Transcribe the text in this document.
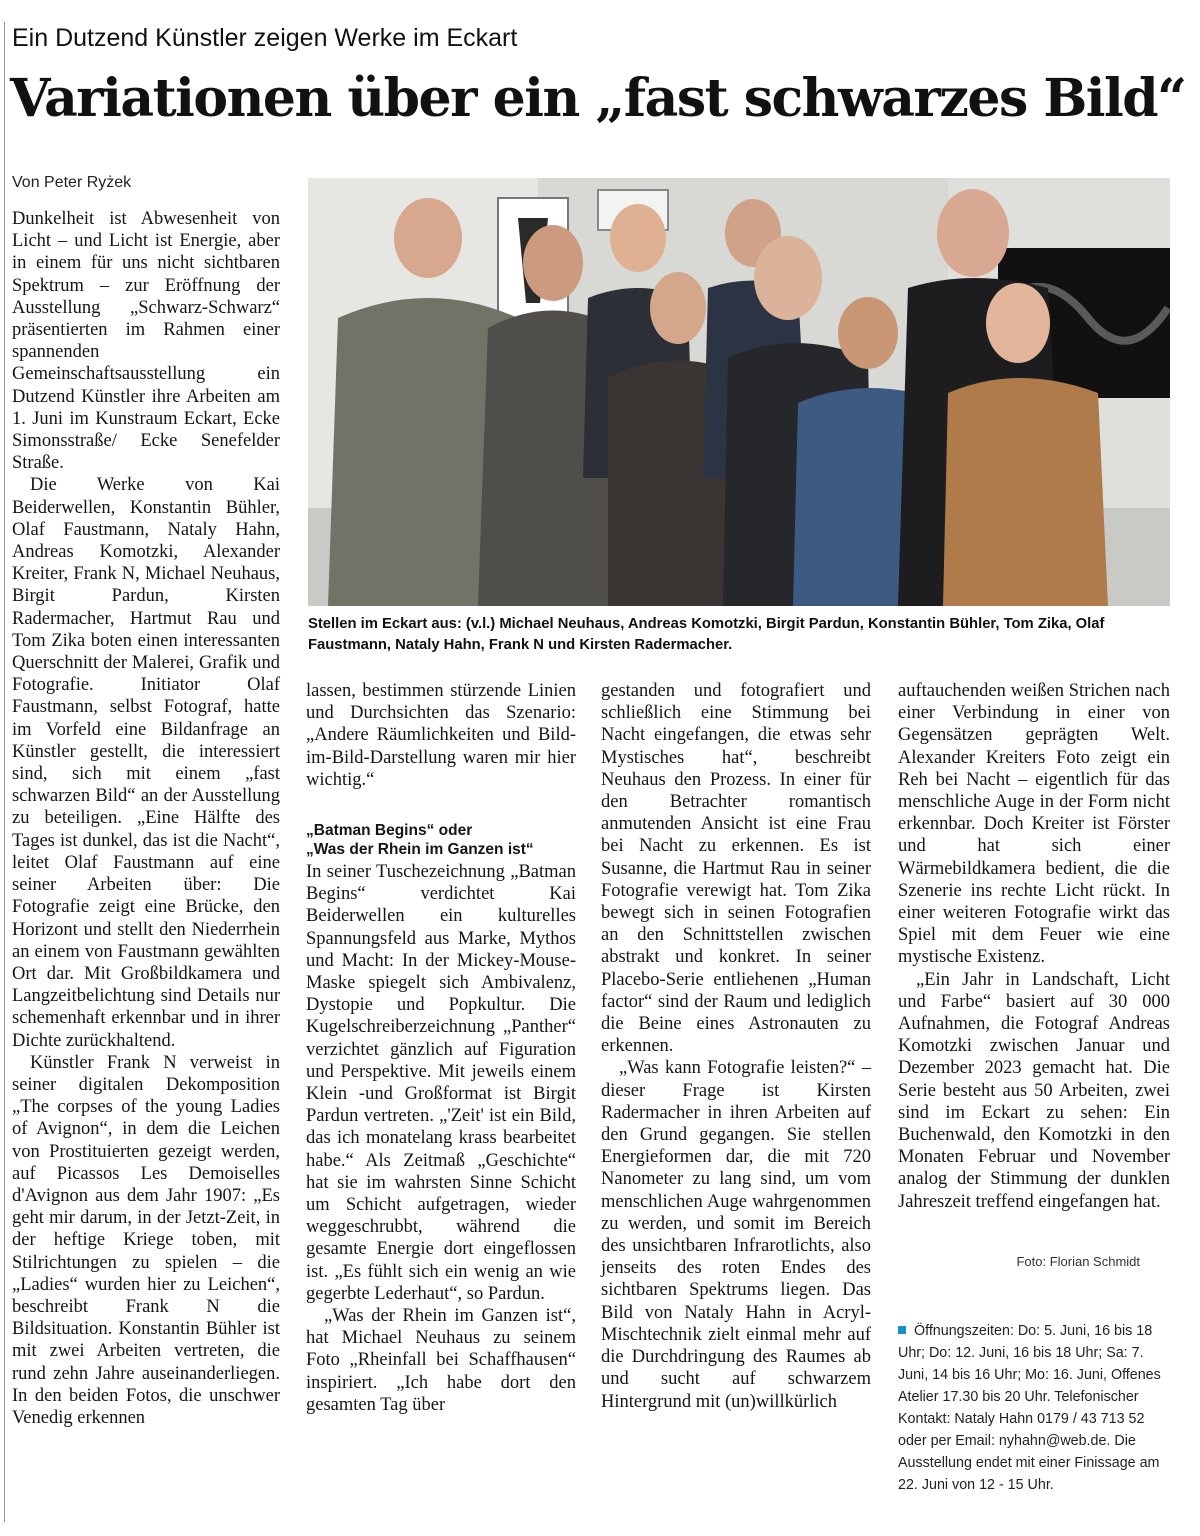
Ein Dutzend Künstler zeigen Werke im Eckart
Variationen über ein „fast schwarzes Bild“
Von Peter Ryżek

Dunkelheit ist Abwesenheit von Licht – und Licht ist Energie, aber in einem für uns nicht sichtbaren Spektrum – zur Eröffnung der Ausstellung „Schwarz-Schwarz“ präsentierten im Rahmen einer spannenden Gemeinschaftsausstellung ein Dutzend Künstler ihre Arbeiten am 1. Juni im Kunstraum Eckart, Ecke Simonsstraße/ Ecke Senefelder Straße.

Die Werke von Kai Beiderwellen, Konstantin Bühler, Olaf Faustmann, Nataly Hahn, Andreas Komotzki, Alexander Kreiter, Frank N, Michael Neuhaus, Birgit Pardun, Kirsten Radermacher, Hartmut Rau und Tom Zika boten einen interessanten Querschnitt der Malerei, Grafik und Fotografie. Initiator Olaf Faustmann, selbst Fotograf, hatte im Vorfeld eine Bildanfrage an Künstler gestellt, die interessiert sind, sich mit einem „fast schwarzen Bild“ an der Ausstellung zu beteiligen. „Eine Hälfte des Tages ist dunkel, das ist die Nacht“, leitet Olaf Faustmann auf eine seiner Arbeiten über: Die Fotografie zeigt eine Brücke, den Horizont und stellt den Niederrhein an einem von Faustmann gewählten Ort dar. Mit Großbildkamera und Langzeitbelichtung sind Details nur schemenhaft erkennbar und in ihrer Dichte zurückhaltend.

Künstler Frank N verweist in seiner digitalen Dekomposition „The corpses of the young Ladies of Avignon“, in dem die Leichen von Prostituierten gezeigt werden, auf Picassos Les Demoiselles d'Avignon aus dem Jahr 1907: „Es geht mir darum, in der Jetzt-Zeit, in der heftige Kriege toben, mit Stilrichtungen zu spielen – die „Ladies“ wurden hier zu Leichen“, beschreibt Frank N die Bildsituation. Konstantin Bühler ist mit zwei Arbeiten vertreten, die rund zehn Jahre auseinanderliegen. In den beiden Fotos, die unschwer Venedig erkennen

Stellen im Eckart aus: (v.l.) Michael Neuhaus, Andreas Komotzki, Birgit Pardun, Konstantin Bühler, Tom Zika, Olaf Faustmann, Nataly Hahn, Frank N und Kirsten Radermacher.
Foto: Florian Schmidt

lassen, bestimmen stürzende Linien und Durchsichten das Szenario: „Andere Räumlichkeiten und Bild-im-Bild-Darstellung waren mir hier wichtig.“

„Batman Begins“ oder
„Was der Rhein im Ganzen ist“

In seiner Tuschezeichnung „Batman Begins“ verdichtet Kai Beiderwellen ein kulturelles Spannungsfeld aus Marke, Mythos und Macht: In der Mickey-Mouse-Maske spiegelt sich Ambivalenz, Dystopie und Popkultur. Die Kugelschreiberzeichnung „Panther“ verzichtet gänzlich auf Figuration und Perspektive. Mit jeweils einem Klein -und Großformat ist Birgit Pardun vertreten. „'Zeit' ist ein Bild, das ich monatelang krass bearbeitet habe.“ Als Zeitmaß „Geschichte“ hat sie im wahrsten Sinne Schicht um Schicht aufgetragen, wieder weggeschrubbt, während die gesamte Energie dort eingeflossen ist. „Es fühlt sich ein wenig an wie gegerbte Lederhaut“, so Pardun.

„Was der Rhein im Ganzen ist“, hat Michael Neuhaus zu seinem Foto „Rheinfall bei Schaffhausen“ inspiriert. „Ich habe dort den gesamten Tag über

gestanden und fotografiert und schließlich eine Stimmung bei Nacht eingefangen, die etwas sehr Mystisches hat“, beschreibt Neuhaus den Prozess. In einer für den Betrachter romantisch anmutenden Ansicht ist eine Frau bei Nacht zu erkennen. Es ist Susanne, die Hartmut Rau in seiner Fotografie verewigt hat. Tom Zika bewegt sich in seinen Fotografien an den Schnittstellen zwischen abstrakt und konkret. In seiner Placebo-Serie entliehenen „Human factor“ sind der Raum und lediglich die Beine eines Astronauten zu erkennen.

„Was kann Fotografie leisten?“ – dieser Frage ist Kirsten Radermacher in ihren Arbeiten auf den Grund gegangen. Sie stellen Energieformen dar, die mit 720 Nanometer zu lang sind, um vom menschlichen Auge wahrgenommen zu werden, und somit im Bereich des unsichtbaren Infrarotlichts, also jenseits des roten Endes des sichtbaren Spektrums liegen. Das Bild von Nataly Hahn in Acryl-Mischtechnik zielt einmal mehr auf die Durchdringung des Raumes ab und sucht auf schwarzem Hintergrund mit (un)willkürlich

auftauchenden weißen Strichen nach einer Verbindung in einer von Gegensätzen geprägten Welt. Alexander Kreiters Foto zeigt ein Reh bei Nacht – eigentlich für das menschliche Auge in der Form nicht erkennbar. Doch Kreiter ist Förster und hat sich einer Wärmebildkamera bedient, die die Szenerie ins rechte Licht rückt. In einer weiteren Fotografie wirkt das Spiel mit dem Feuer wie eine mystische Existenz.

„Ein Jahr in Landschaft, Licht und Farbe“ basiert auf 30 000 Aufnahmen, die Fotograf Andreas Komotzki zwischen Januar und Dezember 2023 gemacht hat. Die Serie besteht aus 50 Arbeiten, zwei sind im Eckart zu sehen: Ein Buchenwald, den Komotzki in den Monaten Februar und November analog der Stimmung der dunklen Jahreszeit treffend eingefangen hat.

Öffnungszeiten: Do: 5. Juni, 16 bis 18 Uhr; Do: 12. Juni, 16 bis 18 Uhr; Sa: 7. Juni, 14 bis 16 Uhr; Mo: 16. Juni, Offenes Atelier 17.30 bis 20 Uhr. Telefonischer Kontakt: Nataly Hahn 0179 / 43 713 52 oder per Email: nyhahn@web.de. Die Ausstellung endet mit einer Finissage am 22. Juni von 12 - 15 Uhr.
